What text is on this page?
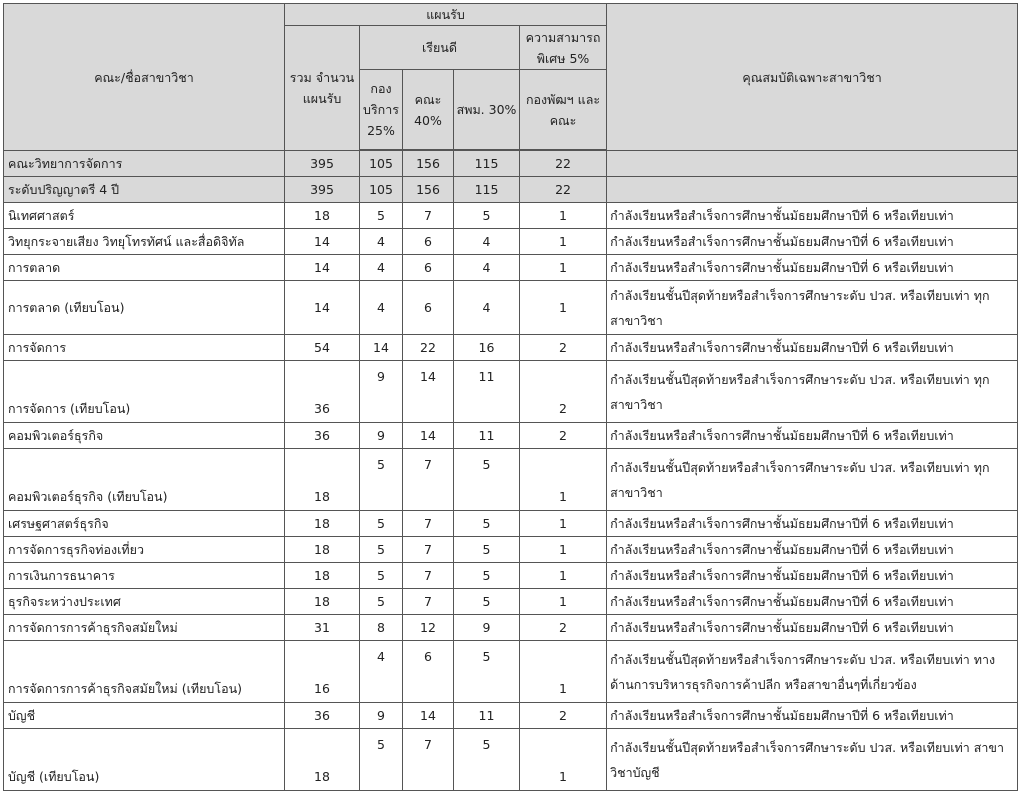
คณะ/ชื่อสาขาวิชา	แผนรับ					คุณสมบัติเฉพาะสาขาวิชา
	รวม จำนวน แผนรับ	เรียนดี			ความสามารถ พิเศษ 5%	
		กอง บริการ 25%	คณะ 40%	สพม. 30%	กองพัฒฯ และคณะ	

คณะวิทยาการจัดการ	395	105	156	115	22	
ระดับปริญญาตรี 4 ปี	395	105	156	115	22	
นิเทศศาสตร์	18	5	7	5	1	กำลังเรียนหรือสำเร็จการศึกษาชั้นมัธยมศึกษาปีที่ 6 หรือเทียบเท่า
วิทยุกระจายเสียง วิทยุโทรทัศน์ และสื่อดิจิทัล	14	4	6	4	1	กำลังเรียนหรือสำเร็จการศึกษาชั้นมัธยมศึกษาปีที่ 6 หรือเทียบเท่า
การตลาด	14	4	6	4	1	กำลังเรียนหรือสำเร็จการศึกษาชั้นมัธยมศึกษาปีที่ 6 หรือเทียบเท่า
การตลาด (เทียบโอน)	14	4	6	4	1	กำลังเรียนชั้นปีสุดท้ายหรือสำเร็จการศึกษาระดับ ปวส. หรือเทียบเท่า ทุกสาขาวิชา
การจัดการ	54	14	22	16	2	กำลังเรียนหรือสำเร็จการศึกษาชั้นมัธยมศึกษาปีที่ 6 หรือเทียบเท่า
การจัดการ (เทียบโอน)	36	9	14	11	2	กำลังเรียนชั้นปีสุดท้ายหรือสำเร็จการศึกษาระดับ ปวส. หรือเทียบเท่า ทุกสาขาวิชา
คอมพิวเตอร์ธุรกิจ	36	9	14	11	2	กำลังเรียนหรือสำเร็จการศึกษาชั้นมัธยมศึกษาปีที่ 6 หรือเทียบเท่า
คอมพิวเตอร์ธุรกิจ (เทียบโอน)	18	5	7	5	1	กำลังเรียนชั้นปีสุดท้ายหรือสำเร็จการศึกษาระดับ ปวส. หรือเทียบเท่า ทุกสาขาวิชา
เศรษฐศาสตร์ธุรกิจ	18	5	7	5	1	กำลังเรียนหรือสำเร็จการศึกษาชั้นมัธยมศึกษาปีที่ 6 หรือเทียบเท่า
การจัดการธุรกิจท่องเที่ยว	18	5	7	5	1	กำลังเรียนหรือสำเร็จการศึกษาชั้นมัธยมศึกษาปีที่ 6 หรือเทียบเท่า
การเงินการธนาคาร	18	5	7	5	1	กำลังเรียนหรือสำเร็จการศึกษาชั้นมัธยมศึกษาปีที่ 6 หรือเทียบเท่า
ธุรกิจระหว่างประเทศ	18	5	7	5	1	กำลังเรียนหรือสำเร็จการศึกษาชั้นมัธยมศึกษาปีที่ 6 หรือเทียบเท่า
การจัดการการค้าธุรกิจสมัยใหม่	31	8	12	9	2	กำลังเรียนหรือสำเร็จการศึกษาชั้นมัธยมศึกษาปีที่ 6 หรือเทียบเท่า
การจัดการการค้าธุรกิจสมัยใหม่ (เทียบโอน)	16	4	6	5	1	กำลังเรียนชั้นปีสุดท้ายหรือสำเร็จการศึกษาระดับ ปวส. หรือเทียบเท่า ทางด้านการบริหารธุรกิจการค้าปลีก หรือสาขาอื่นๆที่เกี่ยวข้อง
บัญชี	36	9	14	11	2	กำลังเรียนหรือสำเร็จการศึกษาชั้นมัธยมศึกษาปีที่ 6 หรือเทียบเท่า
บัญชี (เทียบโอน)	18	5	7	5	1	กำลังเรียนชั้นปีสุดท้ายหรือสำเร็จการศึกษาระดับ ปวส. หรือเทียบเท่า สาขาวิชาบัญชี
